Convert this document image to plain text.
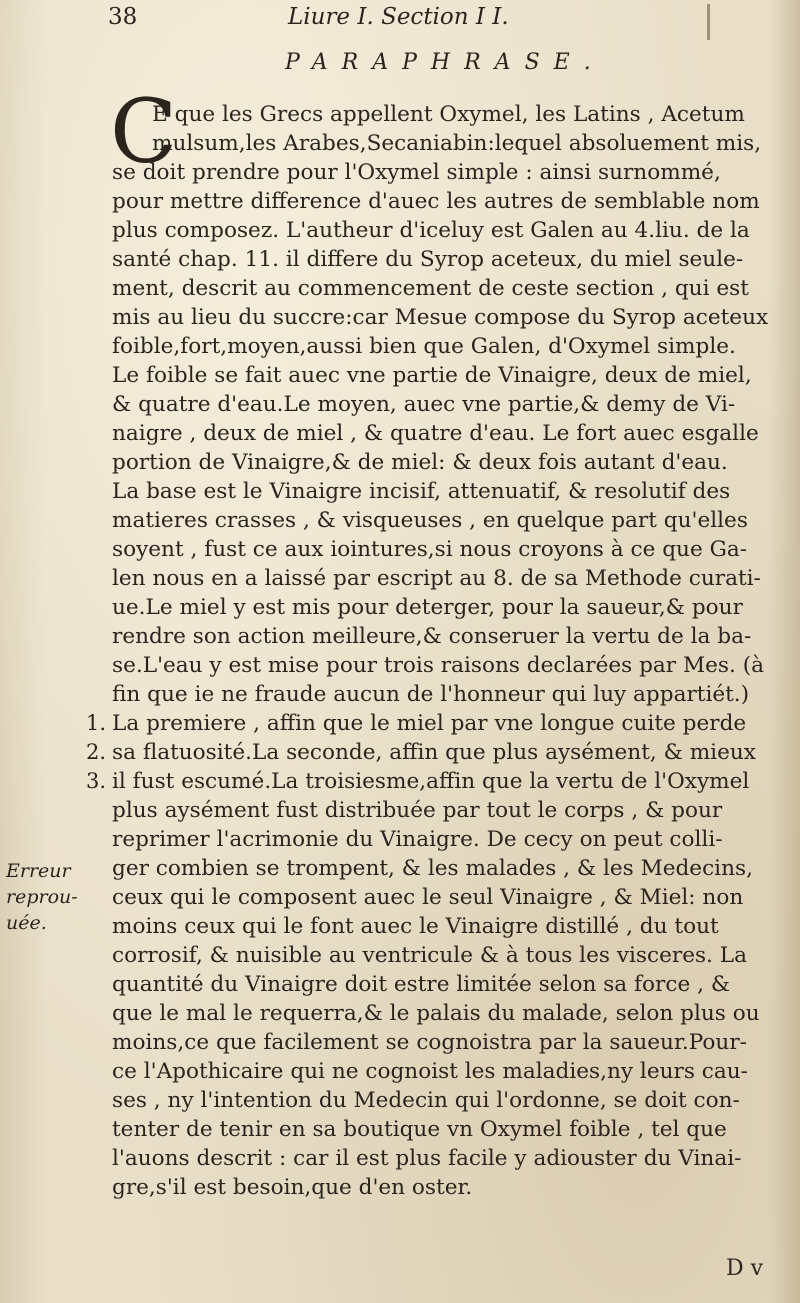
38	Liure I. Section I I.
PARAPHRASE.
C
E que les Grecs appellent Oxymel, les Latins , Acetum
mulsum,les Arabes,Secaniabin:lequel absoluement mis,
se doit prendre pour l'Oxymel simple : ainsi surnommé,
pour mettre difference d'auec les autres de semblable nom
plus composez. L'autheur d'iceluy est Galen au 4.liu. de la
santé chap. 11. il differe du Syrop aceteux, du miel seule-
ment, descrit au commencement de ceste section , qui est
mis au lieu du succre:car Mesue compose du Syrop aceteux
foible,fort,moyen,aussi bien que Galen, d'Oxymel simple.
Le foible se fait auec vne partie de Vinaigre, deux de miel,
& quatre d'eau.Le moyen, auec vne partie,& demy de Vi-
naigre , deux de miel , & quatre d'eau. Le fort auec esgalle
portion de Vinaigre,& de miel: & deux fois autant d'eau.
La base est le Vinaigre incisif, attenuatif, & resolutif des
matieres crasses , & visqueuses , en quelque part qu'elles
soyent , fust ce aux iointures,si nous croyons à ce que Ga-
len nous en a laissé par escript au 8. de sa Methode curati-
ue.Le miel y est mis pour deterger, pour la saueur,& pour
rendre son action meilleure,& conseruer la vertu de la ba-
se.L'eau y est mise pour trois raisons declarées par Mes. (à
fin que ie ne fraude aucun de l'honneur qui luy appartiét.)
1. La premiere , affin que le miel par vne longue cuite perde
2. sa flatuosité.La seconde, affin que plus aysément, & mieux
3. il fust escumé.La troisiesme,affin que la vertu de l'Oxymel
plus aysément fust distribuée par tout le corps , & pour
reprimer l'acrimonie du Vinaigre. De cecy on peut colli-
ger combien se trompent, & les malades , & les Medecins,
ceux qui le composent auec le seul Vinaigre , & Miel: non
moins ceux qui le font auec le Vinaigre distillé , du tout
corrosif, & nuisible au ventricule & à tous les visceres. La
quantité du Vinaigre doit estre limitée selon sa force , &
que le mal le requerra,& le palais du malade, selon plus ou
moins,ce que facilement se cognoistra par la saueur.Pour-
ce l'Apothicaire qui ne cognoist les maladies,ny leurs cau-
ses , ny l'intention du Medecin qui l'ordonne, se doit con-
tenter de tenir en sa boutique vn Oxymel foible , tel que
l'auons descrit : car il est plus facile y adiouster du Vinai-
gre,s'il est besoin,que d'en oster.
Erreur
reprou-
uée.
D v
